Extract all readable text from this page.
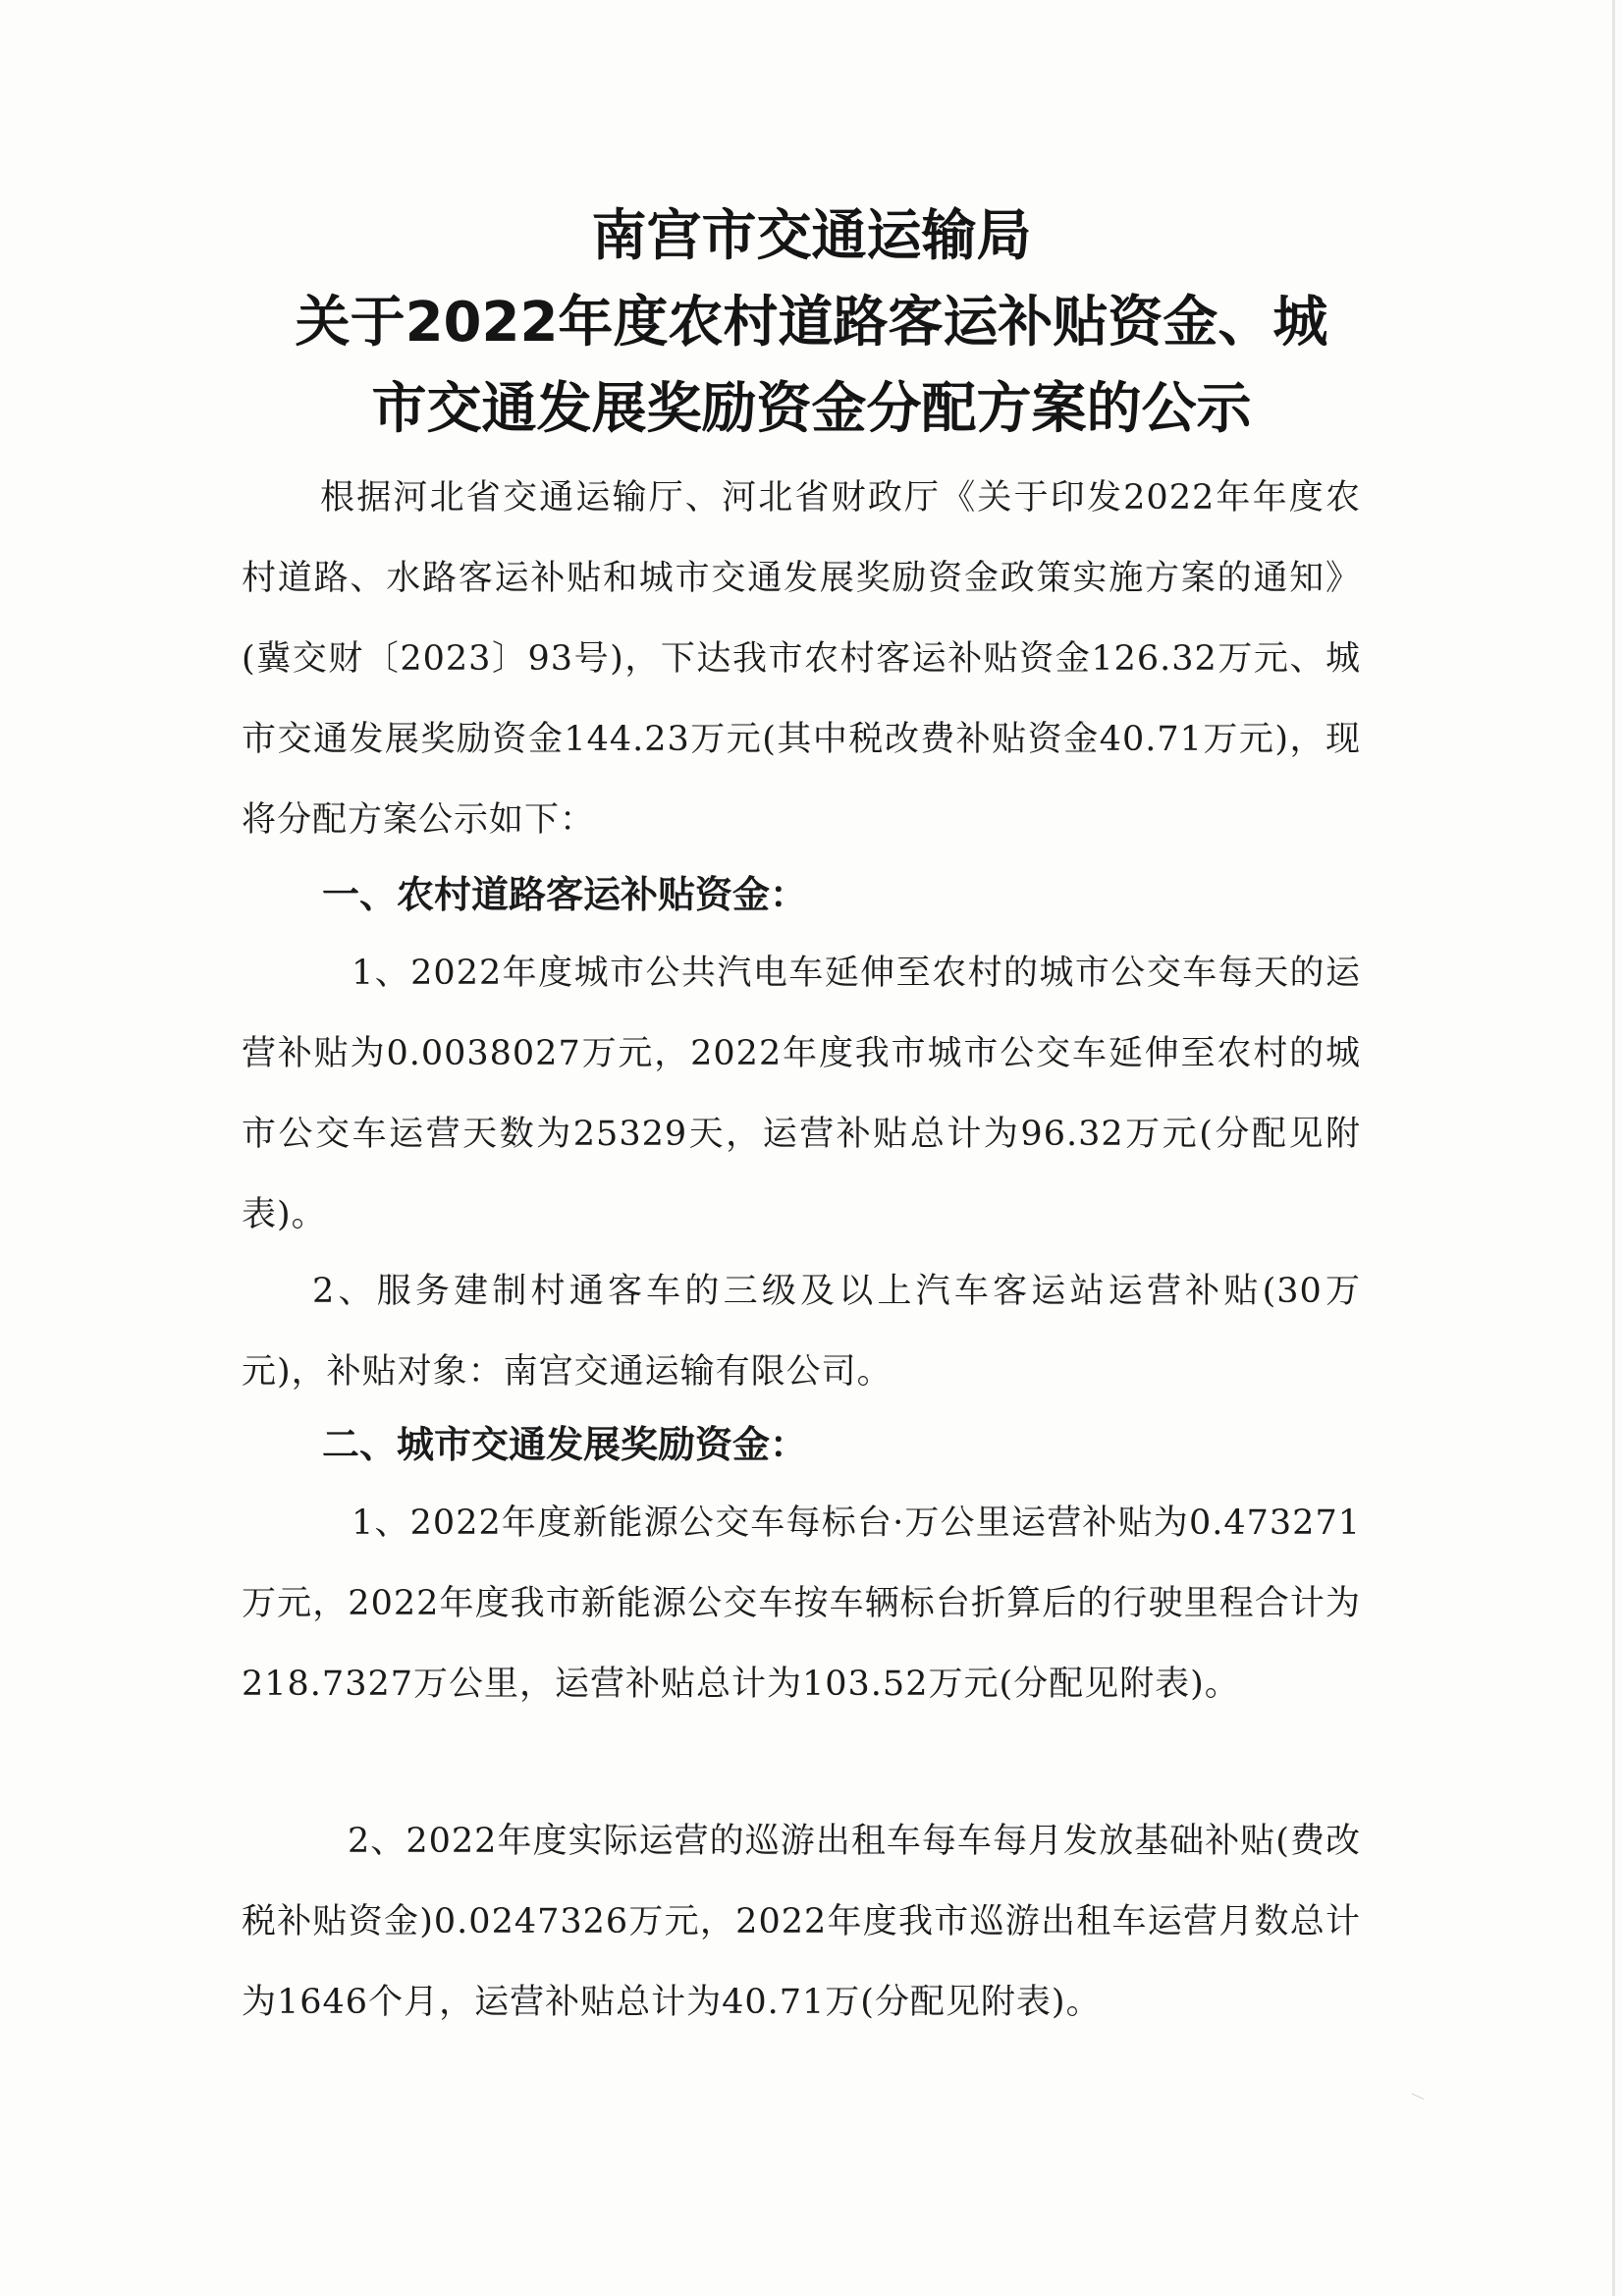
南宫市交通运输局
关于2022年度农村道路客运补贴资金、城
市交通发展奖励资金分配方案的公示

根据河北省交通运输厅、河北省财政厅《关于印发2022年年度农村道路、水路客运补贴和城市交通发展奖励资金政策实施方案的通知》(冀交财〔2023〕93号)，下达我市农村客运补贴资金126.32万元、城市交通发展奖励资金144.23万元(其中税改费补贴资金40.71万元)，现将分配方案公示如下：

一、农村道路客运补贴资金：

1、2022年度城市公共汽电车延伸至农村的城市公交车每天的运营补贴为0.0038027万元，2022年度我市城市公交车延伸至农村的城市公交车运营天数为25329天，运营补贴总计为96.32万元(分配见附表)。

2、服务建制村通客车的三级及以上汽车客运站运营补贴(30万元)，补贴对象：南宫交通运输有限公司。

二、城市交通发展奖励资金：

1、2022年度新能源公交车每标台·万公里运营补贴为0.473271万元，2022年度我市新能源公交车按车辆标台折算后的行驶里程合计为218.7327万公里，运营补贴总计为103.52万元(分配见附表)。

2、2022年度实际运营的巡游出租车每车每月发放基础补贴(费改税补贴资金)0.0247326万元，2022年度我市巡游出租车运营月数总计为1646个月，运营补贴总计为40.71万(分配见附表)。
